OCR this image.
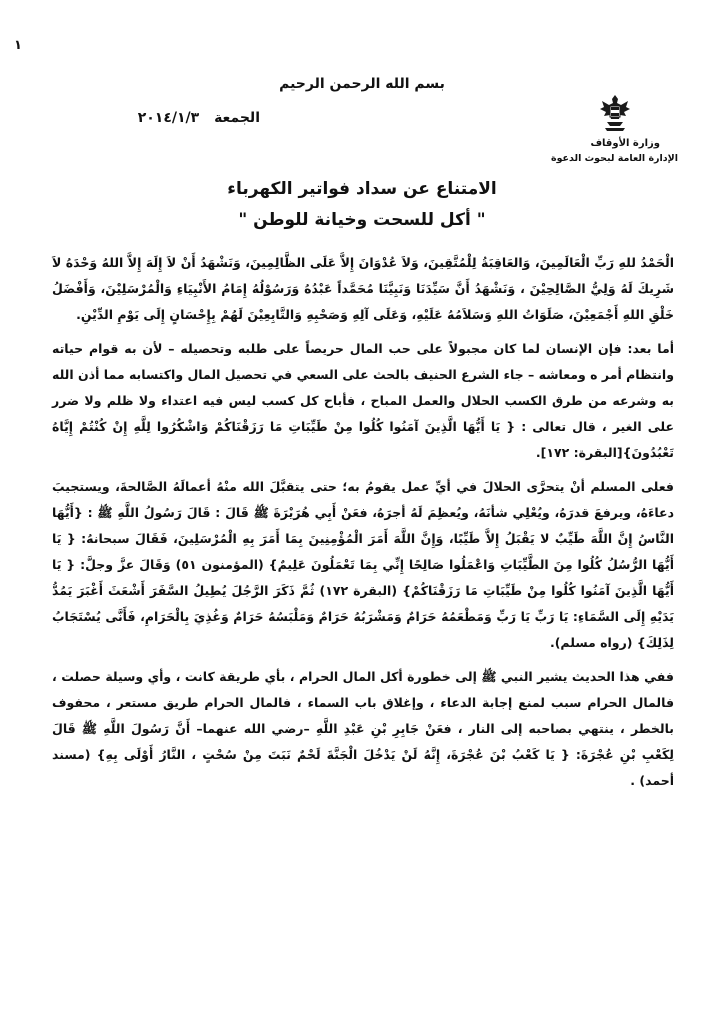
١
بسم الله الرحمن الرحيم
الجمعة ٢٠١٤/١/٣
وزارة الأوقاف
الإدارة العامة لبحوث الدعوة
الامتناع عن سداد فواتير الكهرباء
" أكل للسحت وخيانة للوطن "

الْحَمْدُ للهِ رَبِّ الْعَالَمِينَ، وَالعَاقِبَةُ لِلْمُتَّقِينَ، وَلاَ عُدْوَانَ إِلاَّ عَلَى الظَّالِمِينَ، وَنَشْهَدُ أَنْ لاَ إِلَهَ إِلاَّ اللهُ وَحْدَهُ لاَ شَرِيكَ لَهُ وَلِيُّ الصَّالِحِيْنَ ، وَنَشْهَدُ أَنَّ سَيِّدَنَا وَنَبِيَّنَا مُحَمَّداً عَبْدُهُ وَرَسُوْلُهُ إِمَامُ الأَنْبِيَاءِ وَالْمُرْسَلِيْنَ، وَأَفْضَلُ خَلْقِ اللهِ أَجْمَعِيْنَ، صَلَوَاتُ اللهِ وَسَلاَمُهُ عَلَيْهِ، وَعَلَى آلِهِ وَصَحْبِهِ وَالتَّابِعِيْنَ لَهُمْ بِإِحْسَانٍ إِلَى يَوْمِ الدِّيْنِ.

أما بعد: فإن الإنسان لما كان مجبولاً على حب المال حريصاً على طلبه وتحصيله – لأن به قوام حياته وانتظام أمر ه ومعاشه – جاء الشرع الحنيف بالحث على السعي في تحصيل المال واكتسابه مما أذن الله به وشرعه من طرق الكسب الحلال والعمل المباح ، فأباح كل كسب ليس فيه اعتداء ولا ظلم ولا ضرر على الغير ، قال تعالى : { يَا أَيُّهَا الَّذِينَ آمَنُوا كُلُوا مِنْ طَيِّبَاتِ مَا رَزَقْنَاكُمْ وَاشْكُرُوا لِلَّهِ إِنْ كُنْتُمْ إِيَّاهُ تَعْبُدُونَ}[البقرة: ١٧٢].

فعلى المسلم أنْ يتحرَّى الحلالَ في أيِّ عمل يقومُ به؛ حتى يتقبَّلَ الله منْهُ أعمالَهُ الصَّالحةَ، ويستجيبَ دعاءَهُ، ويرفعَ قدرَهُ، ويُعْلِي شأنَهُ، ويُعظِمَ لَهُ أجرَهُ، فعَنْ أَبِي هُرَيْرَةَ ﷺ قَالَ : قَالَ رَسُولُ اللَّهِ ﷺ : {أَيُّهَا النَّاسُ إِنَّ اللَّهَ طَيِّبٌ لا يَقْبَلُ إِلاَّ طَيِّبًا، وَإِنَّ اللَّهَ أَمَرَ الْمُؤْمِنِينَ بِمَا أَمَرَ بِهِ الْمُرْسَلِينَ، فَقَالَ سبحانهُ: { يَا أَيُّهَا الرُّسُلُ كُلُوا مِنَ الطَّيِّبَاتِ وَاعْمَلُوا صَالِحًا إِنِّي بِمَا تَعْمَلُونَ عَلِيمٌ} (المؤمنون ٥١) وَقَالَ عزَّ وجلَّ: { يَا أَيُّهَا الَّذِينَ آمَنُوا كُلُوا مِنْ طَيِّبَاتِ مَا رَزَقْنَاكُمْ} (البقرة ١٧٢) ثُمَّ ذَكَرَ الرَّجُلَ يُطِيلُ السَّفَرَ أَشْعَثَ أَغْبَرَ يَمُدُّ يَدَيْهِ إِلَى السَّمَاءِ: يَا رَبِّ يَا رَبِّ وَمَطْعَمُهُ حَرَامٌ وَمَشْرَبُهُ حَرَامٌ وَمَلْبَسُهُ حَرَامٌ وَغُذِيَ بِالْحَرَامِ، فَأَنَّى يُسْتَجَابُ لِذَلِكَ} (رواه مسلم).

ففي هذا الحديث يشير النبي ﷺ إلى خطورة أكل المال الحرام ، بأي طريقة كانت ، وأي وسيلة حصلت ، فالمال الحرام سبب لمنع إجابة الدعاء ، وإغلاق باب السماء ، فالمال الحرام طريق مستعر ، محفوف بالخطر ، ينتهي بصاحبه إلى النار ، فعَنْ جَابِرِ بْنِ عَبْدِ اللَّهِ –رضي الله عنهما– أَنَّ رَسُولَ اللَّهِ ﷺ قَالَ لِكَعْبِ بْنِ عُجْرَةَ: { يَا كَعْبُ بْنَ عُجْرَةَ، إِنَّهُ لَنْ يَدْخُلَ الْجَنَّةَ لَحْمٌ نَبَتَ مِنْ سُحْتٍ ، النَّارُ أَوْلَى بِهِ} (مسند أحمد) .
